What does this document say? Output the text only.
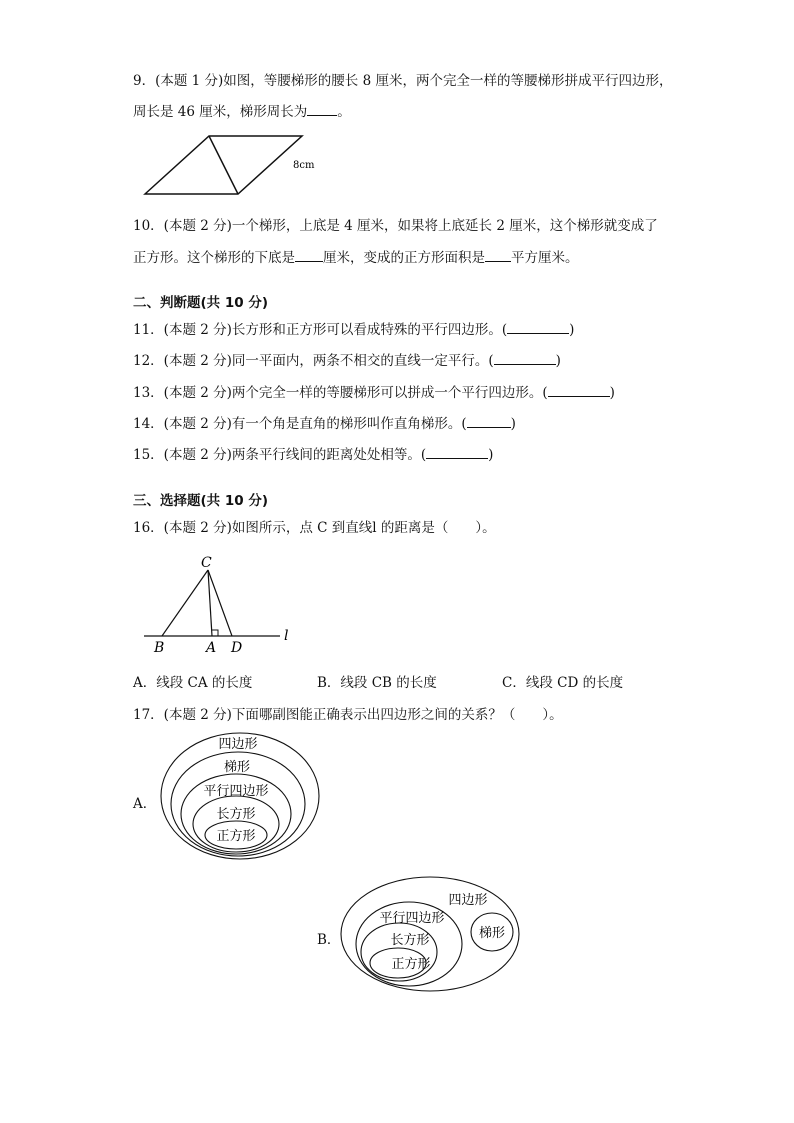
9．(本题 1 分)如图，等腰梯形的腰长 8 厘米，两个完全一样的等腰梯形拼成平行四边形，
周长是 46 厘米，梯形周长为 。
8cm
10．(本题 2 分)一个梯形，上底是 4 厘米，如果将上底延长 2 厘米，这个梯形就变成了
正方形。这个梯形的下底是 厘米，变成的正方形面积是 平方厘米。
二、判断题(共 10 分)
11．(本题 2 分)长方形和正方形可以看成特殊的平行四边形。(	)
12．(本题 2 分)同一平面内，两条不相交的直线一定平行。(	)
13．(本题 2 分)两个完全一样的等腰梯形可以拼成一个平行四边形。(	)
14．(本题 2 分)有一个角是直角的梯形叫作直角梯形。(	)
15．(本题 2 分)两条平行线间的距离处处相等。(	)
三、选择题(共 10 分)
16．(本题 2 分)如图所示，点 C 到直线l 的距离是（　　）。
C
B	A D
l
A．线段 CA 的长度	B．线段 CB 的长度	C．线段 CD 的长度
17．(本题 2 分)下面哪副图能正确表示出四边形之间的关系？（　　）。
A．
四边形
梯形
平行四边形
长方形
正方形
B．
四边形
平行四边形
长方形
正方形
梯形
